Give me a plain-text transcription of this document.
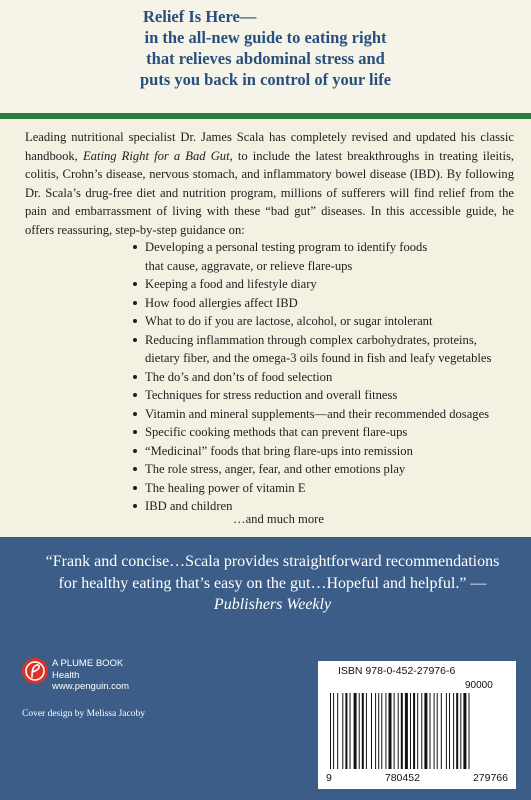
Relief Is Here—
in the all-new guide to eating right
that relieves abdominal stress and
puts you back in control of your life

Leading nutritional specialist Dr. James Scala has completely revised and updated his classic handbook, Eating Right for a Bad Gut, to include the latest breakthroughs in treating ileitis, colitis, Crohn’s disease, nervous stomach, and inflammatory bowel disease (IBD). By following Dr. Scala’s drug-free diet and nutrition program, millions of sufferers will find relief from the pain and embarrassment of living with these “bad gut” diseases. In this accessible guide, he offers reassuring, step-by-step guidance on:

Developing a personal testing program to identify foods
that cause, aggravate, or relieve flare-ups
Keeping a food and lifestyle diary
How food allergies affect IBD
What to do if you are lactose, alcohol, or sugar intolerant
Reducing inflammation through complex carbohydrates, proteins,
dietary fiber, and the omega-3 oils found in fish and leafy vegetables
The do’s and don’ts of food selection
Techniques for stress reduction and overall fitness
Vitamin and mineral supplements—and their recommended dosages
Specific cooking methods that can prevent flare-ups
“Medicinal” foods that bring flare-ups into remission
The role stress, anger, fear, and other emotions play
The healing power of vitamin E
IBD and children
…and much more

“Frank and concise…Scala provides straightforward recommendations for healthy eating that’s easy on the gut…Hopeful and helpful.” —Publishers Weekly

A PLUME BOOK
Health
www.penguin.com
Cover design by Melissa Jacoby
ISBN 978-0-452-27976-6
90000
9	780452	279766
